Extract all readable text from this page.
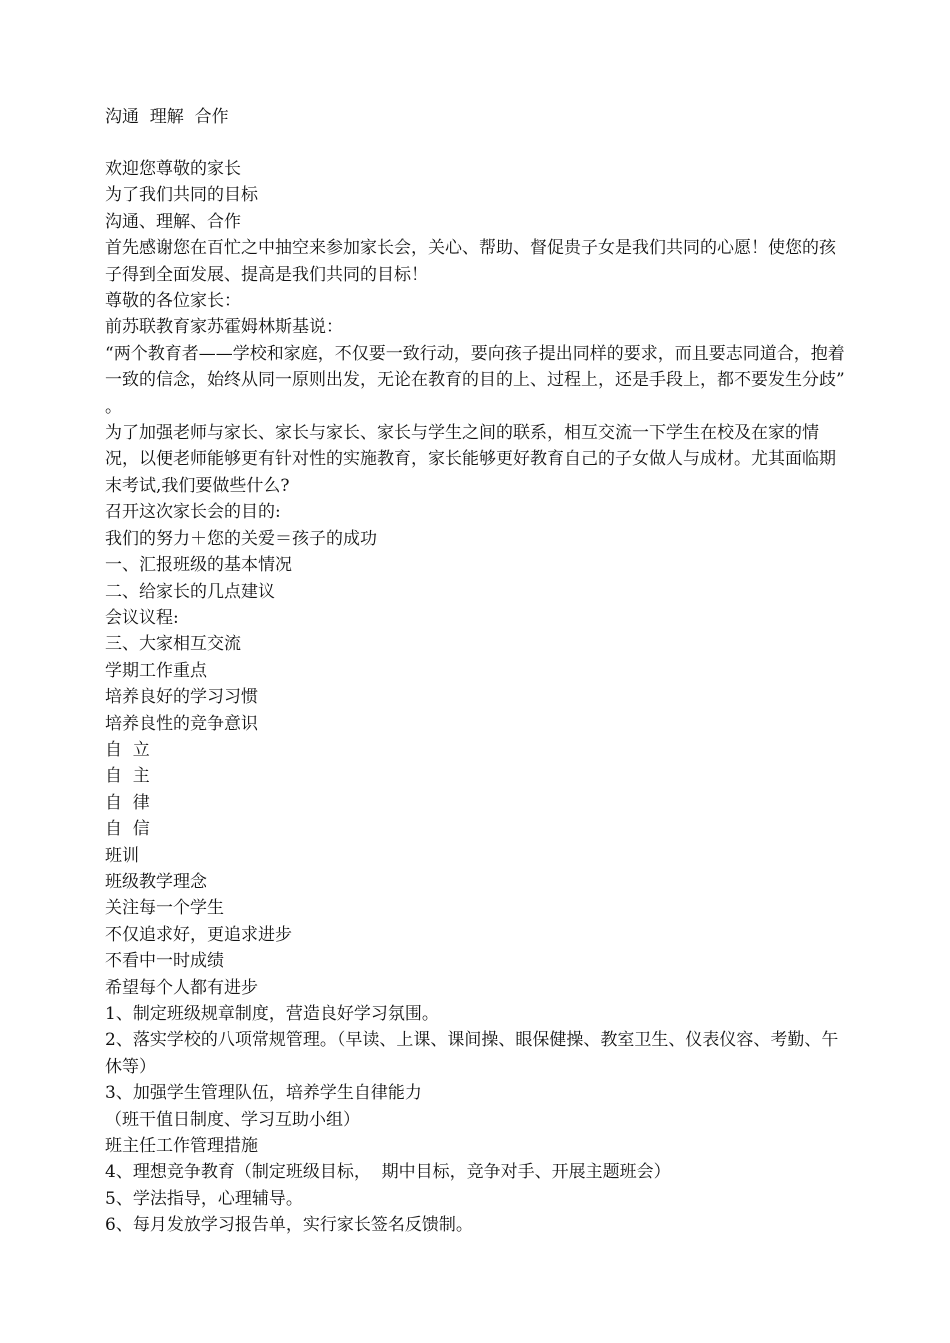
沟通  理解  合作

欢迎您尊敬的家长

为了我们共同的目标

沟通、理解、合作

首先感谢您在百忙之中抽空来参加家长会，关心、帮助、督促贵子女是我们共同的心愿！使您的孩子得到全面发展、提高是我们共同的目标！

尊敬的各位家长：

前苏联教育家苏霍姆林斯基说：

“两个教育者——学校和家庭，不仅要一致行动，要向孩子提出同样的要求，而且要志同道合，抱着一致的信念，始终从同一原则出发，无论在教育的目的上、过程上，还是手段上，都不要发生分歧”  。

为了加强老师与家长、家长与家长、家长与学生之间的联系，相互交流一下学生在校及在家的情况，以便老师能够更有针对性的实施教育，家长能够更好教育自己的子女做人与成材。尤其面临期末考试,我们要做些什么?

召开这次家长会的目的:

我们的努力＋您的关爱＝孩子的成功

一、汇报班级的基本情况

二、给家长的几点建议

会议议程:

三、大家相互交流

学期工作重点

培养良好的学习习惯

培养良性的竞争意识

自  立

自  主

自  律

自  信

班训

班级教学理念

关注每一个学生

不仅追求好，更追求进步

不看中一时成绩

希望每个人都有进步

1、制定班级规章制度，营造良好学习氛围。

2、落实学校的八项常规管理。（早读、上课、课间操、眼保健操、教室卫生、仪表仪容、考勤、午休等）

3、加强学生管理队伍，培养学生自律能力

（班干值日制度、学习互助小组）

班主任工作管理措施

4、理想竞争教育（制定班级目标，  期中目标，竞争对手、开展主题班会）

5、学法指导，心理辅导。

6、每月发放学习报告单，实行家长签名反馈制。
